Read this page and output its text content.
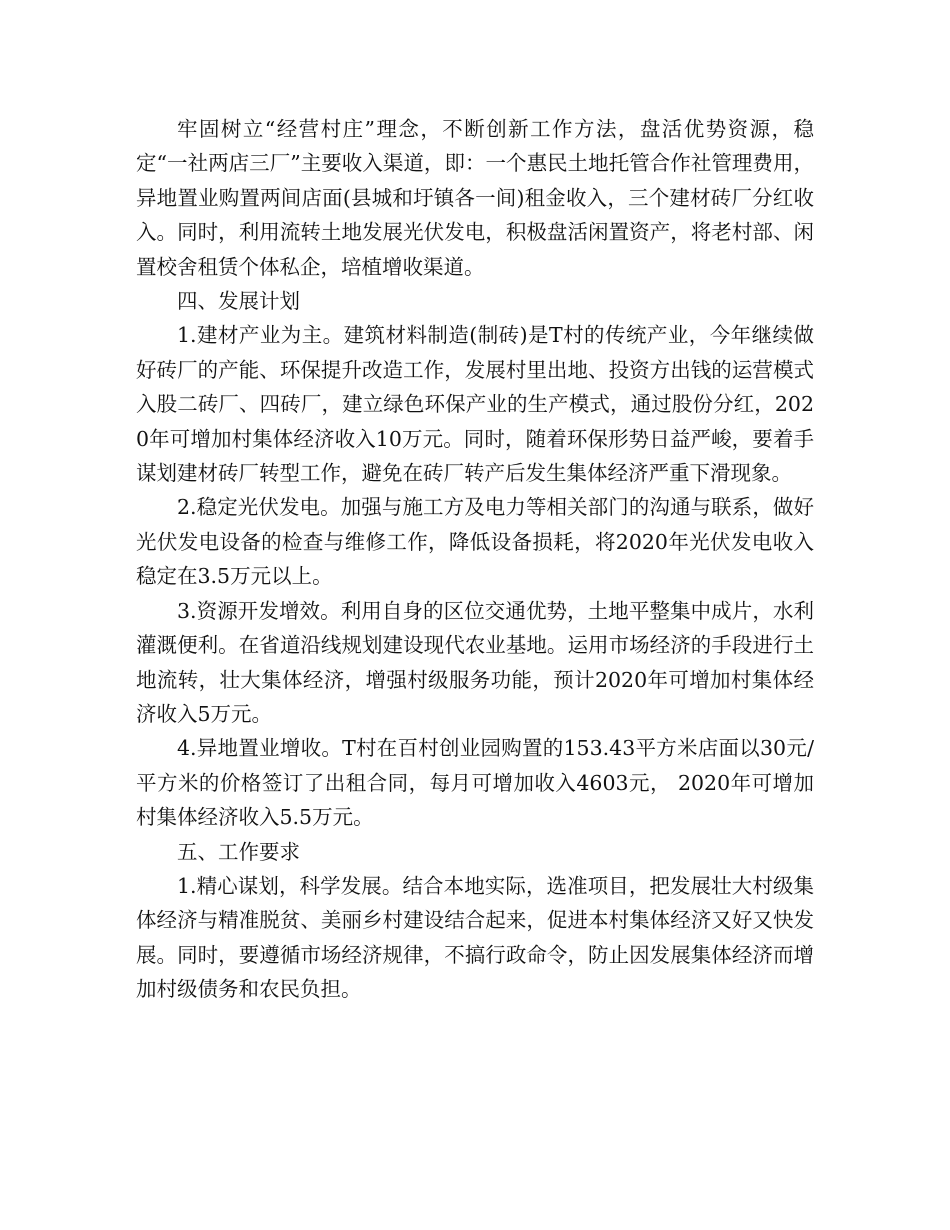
牢固树立“经营村庄”理念，不断创新工作方法，盘活优势资源，稳定“一社两店三厂”主要收入渠道，即：一个惠民土地托管合作社管理费用，异地置业购置两间店面(县城和圩镇各一间)租金收入，三个建材砖厂分红收入。同时，利用流转土地发展光伏发电，积极盘活闲置资产，将老村部、闲置校舍租赁个体私企，培植增收渠道。

四、发展计划

1.建材产业为主。建筑材料制造(制砖)是T村的传统产业，今年继续做好砖厂的产能、环保提升改造工作，发展村里出地、投资方出钱的运营模式入股二砖厂、四砖厂，建立绿色环保产业的生产模式，通过股份分红，2020年可增加村集体经济收入10万元。同时，随着环保形势日益严峻，要着手谋划建材砖厂转型工作，避免在砖厂转产后发生集体经济严重下滑现象。

2.稳定光伏发电。加强与施工方及电力等相关部门的沟通与联系，做好光伏发电设备的检查与维修工作，降低设备损耗，将2020年光伏发电收入稳定在3.5万元以上。

3.资源开发增效。利用自身的区位交通优势，土地平整集中成片，水利灌溉便利。在省道沿线规划建设现代农业基地。运用市场经济的手段进行土地流转，壮大集体经济，增强村级服务功能，预计2020年可增加村集体经济收入5万元。

4.异地置业增收。T村在百村创业园购置的153.43平方米店面以30元/平方米的价格签订了出租合同，每月可增加收入4603元， 2020年可增加村集体经济收入5.5万元。

五、工作要求

1.精心谋划，科学发展。结合本地实际，选准项目，把发展壮大村级集体经济与精准脱贫、美丽乡村建设结合起来，促进本村集体经济又好又快发展。同时，要遵循市场经济规律，不搞行政命令，防止因发展集体经济而增加村级债务和农民负担。
